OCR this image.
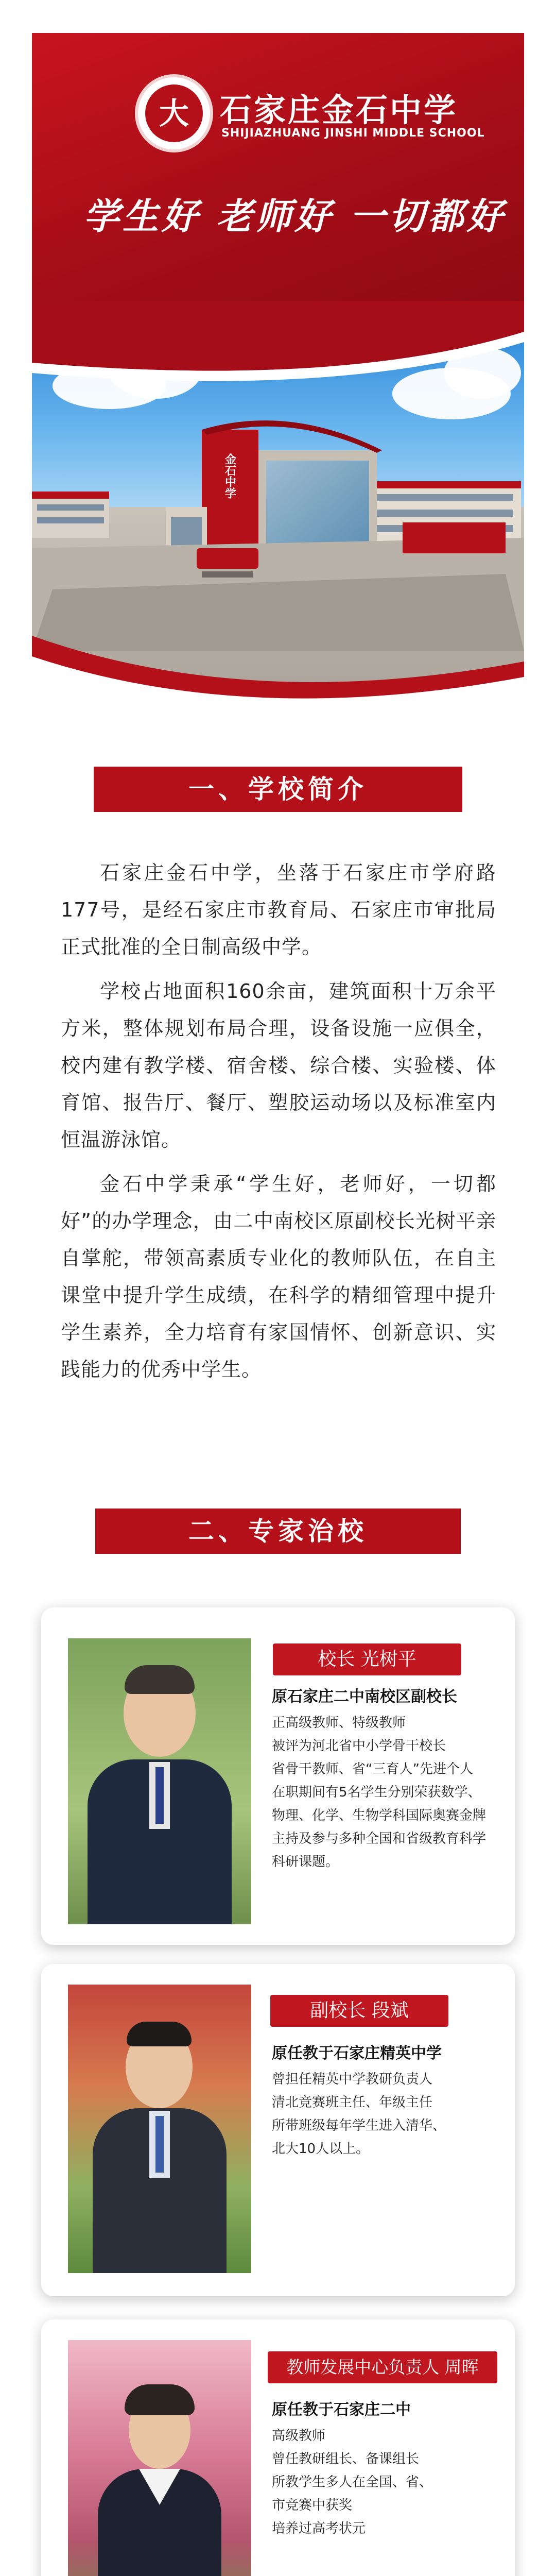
金石中学
大 石家庄金石中学
SHIJIAZHUANG JINSHI MIDDLE SCHOOL
学生好 老师好 一切都好
一、学校简介

石家庄金石中学，坐落于石家庄市学府路177号，是经石家庄市教育局、石家庄市审批局正式批准的全日制高级中学。

学校占地面积160余亩，建筑面积十万余平方米，整体规划布局合理，设备设施一应俱全，校内建有教学楼、宿舍楼、综合楼、实验楼、体育馆、报告厅、餐厅、塑胶运动场以及标准室内恒温游泳馆。

金石中学秉承“学生好，老师好，一切都好”的办学理念，由二中南校区原副校长光树平亲自掌舵，带领高素质专业化的教师队伍，在自主课堂中提升学生成绩，在科学的精细管理中提升学生素养，全力培育有家国情怀、创新意识、实践能力的优秀中学生。

二、专家治校
校长 光树平
原石家庄二中南校区副校长
正高级教师、特级教师
被评为河北省中小学骨干校长
省骨干教师、省“三育人”先进个人
在职期间有5名学生分别荣获数学、
物理、化学、生物学科国际奥赛金牌
主持及参与多种全国和省级教育科学
科研课题。
副校长 段斌
原任教于石家庄精英中学
曾担任精英中学教研负责人
清北竞赛班主任、年级主任
所带班级每年学生进入清华、
北大10人以上。
教师发展中心负责人 周晖
原任教于石家庄二中
高级教师
曾任教研组长、备课组长
所教学生多人在全国、省、
市竞赛中获奖
培养过高考状元
